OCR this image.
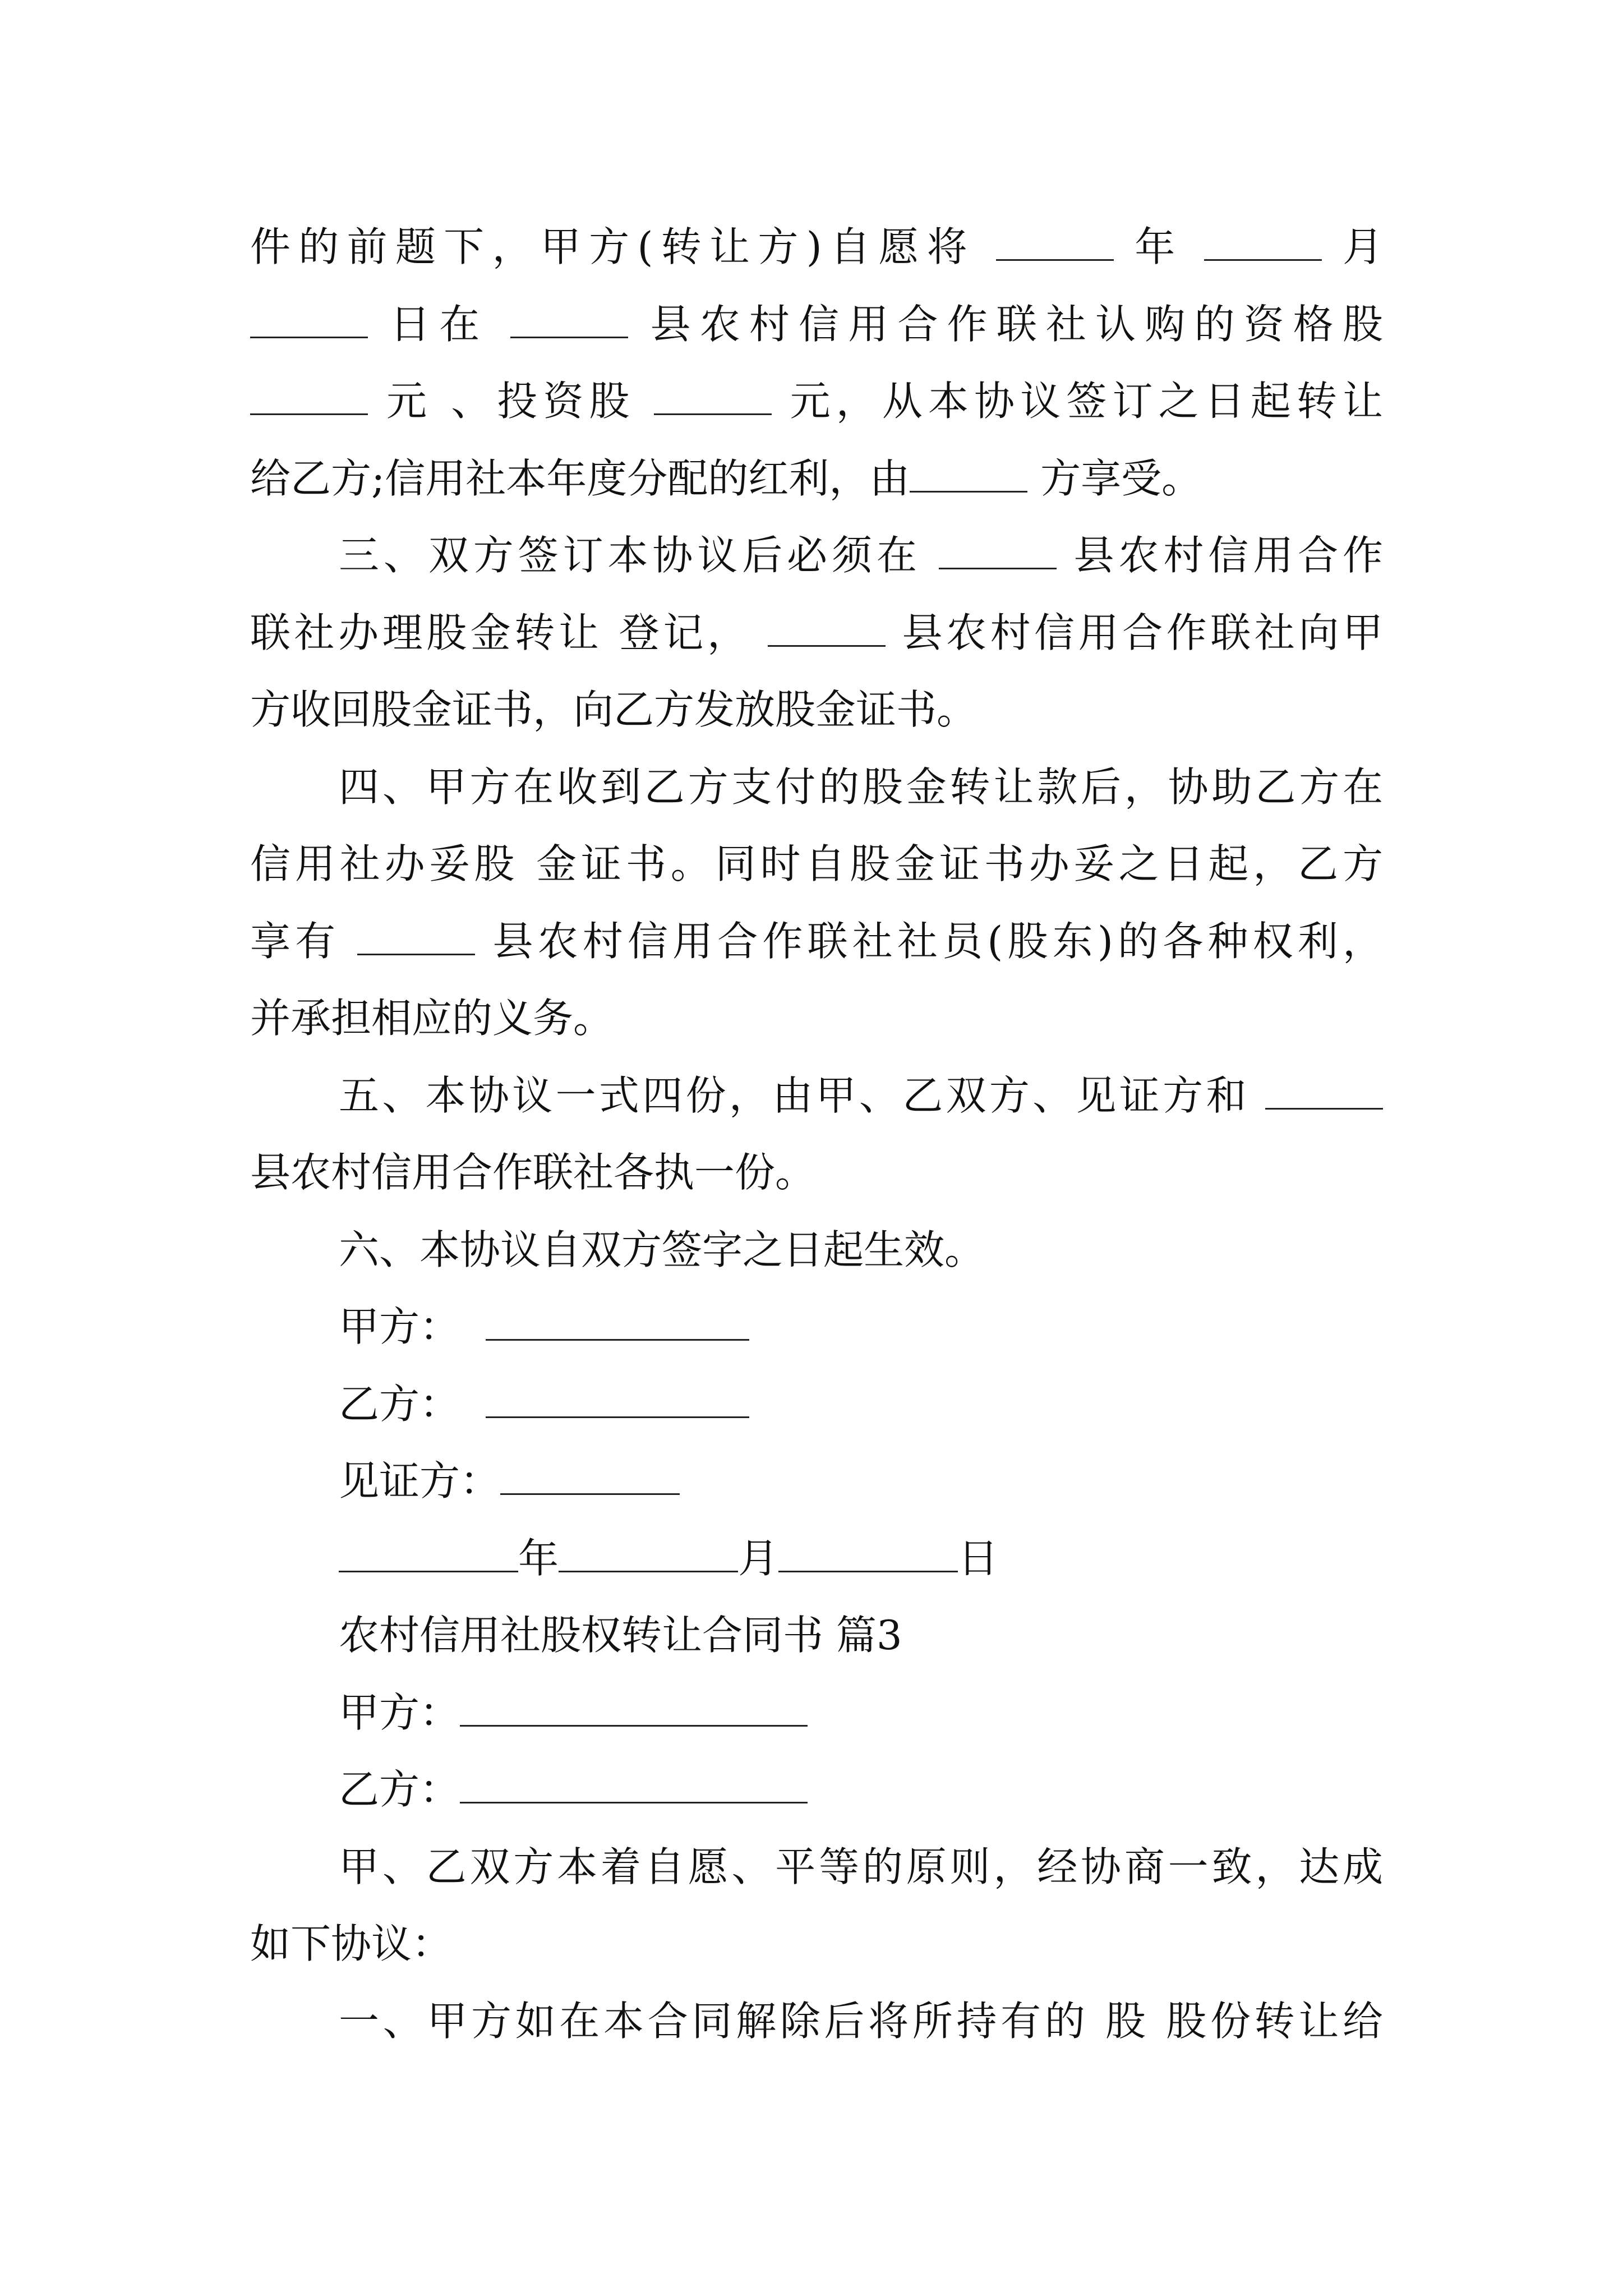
件的前题下，甲方(转让方)自愿将	年	月
日在	县农村信用合作联社认购的资格股
元 、投资股	元，从本协议签订之日起转让
给乙方;信用社本年度分配的红利，由	方享受。
三、双方签订本协议后必须在	县农村信用合作
联社办理股金转让 登记，	县农村信用合作联社向甲
方收回股金证书，向乙方发放股金证书。
四、甲方在收到乙方支付的股金转让款后，协助乙方在
信用社办妥股 金证书。同时自股金证书办妥之日起，乙方
享有	县农村信用合作联社社员(股东)的各种权利，
并承担相应的义务。
五、本协议一式四份，由甲、乙双方、见证方和
县农村信用合作联社各执一份。
六、本协议自双方签字之日起生效。
甲方：
乙方：
见证方：
年	月	日
农村信用社股权转让合同书 篇3
甲方：
乙方：
甲、乙双方本着自愿、平等的原则，经协商一致，达成
如下协议：
一、甲方如在本合同解除后将所持有的 股 股份转让给
